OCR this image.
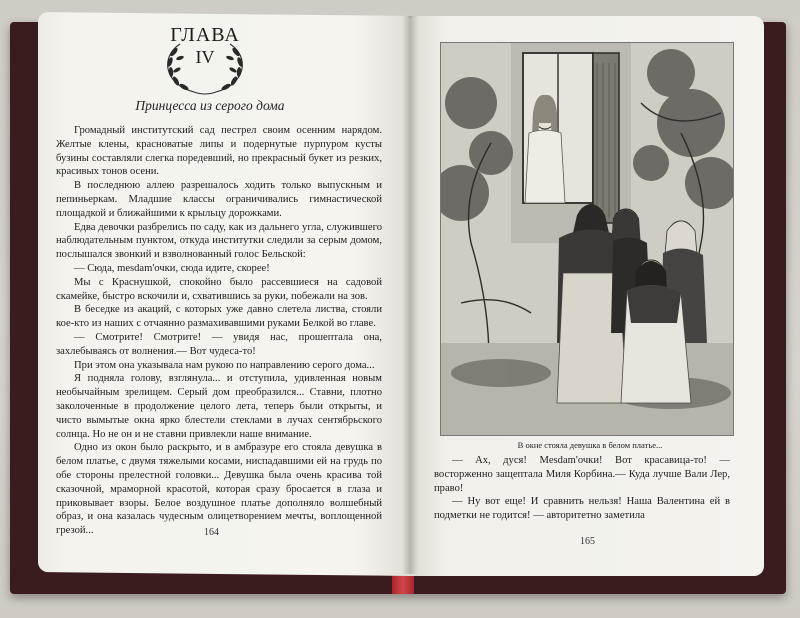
ГЛАВА
IV
Принцесса из серого дома

Громадный институтский сад пестрел своим осенним нарядом. Желтые клены, красноватые липы и подернутые пурпуром кусты бузины составляли слегка поредевший, но прекрасный букет из резких, красивых тонов осени.

В последнюю аллею разрешалось ходить только выпускным и пепиньеркам. Младшие классы ограничивались гимнастической площадкой и ближайшими к крыльцу дорожками.

Едва девочки разбрелись по саду, как из дальнего угла, служившего наблюдательным пунктом, откуда институтки следили за серым домом, послышался звонкий и взволнованный голос Бельской:

— Сюда, mesdam'очки, сюда идите, скорее!

Мы с Краснушкой, спокойно было рассевшиеся на садовой скамейке, быстро вскочили и, схватившись за руки, побежали на зов.

В беседке из акаций, с которых уже давно слетела листва, стояли кое-кто из наших с отчаянно размахивавшими руками Белкой во главе.

— Смотрите! Смотрите! — увидя нас, прошептала она, захлебываясь от волнения.— Вот чудеса-то!

При этом она указывала нам рукою по направлению серого дома...

Я подняла голову, взглянула... и отступила, удивленная новым необычайным зрелищем. Серый дом преобразился... Ставни, плотно заколоченные в продолжение целого лета, теперь были открыты, и чисто вымытые окна ярко блестели стеклами в лучах сентябрьского солнца. Но не он и не ставни привлекли наше внимание.

Одно из окон было раскрыто, и в амбразуре его стояла девушка в белом платье, с двумя тяжелыми косами, ниспадавшими ей на грудь по обе стороны прелестной головки... Девушка была очень красива той сказочной, мраморной красотой, которая сразу бросается в глаза и приковывает взоры. Белое воздушное платье дополняло волшебный образ, и она казалась чудесным олицетворением мечты, воплощенной грезой...	164
В окне стояла девушка в белом платье...

— Ах, дуся! Mesdam'очки! Вот красавица-то! — восторженно защептала Миля Корбина.— Куда лучше Вали Лер, право!

— Ну вот еще! И сравнить нельзя! Наша Валентина ей в подметки не годится! — авторитетно заметила

165
